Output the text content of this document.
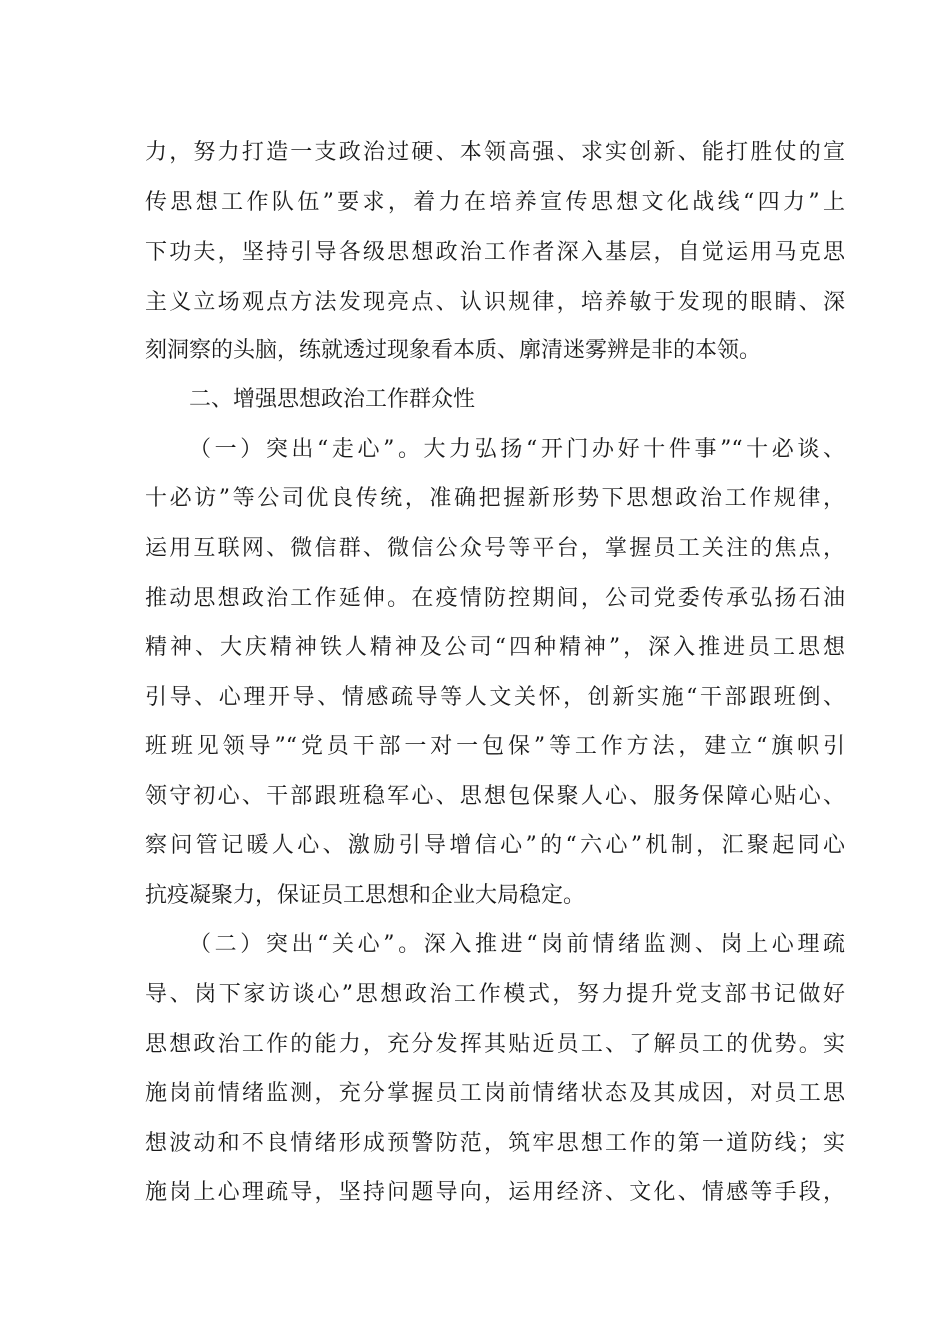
力，努力打造一支政治过硬、本领高强、求实创新、能打胜仗的宣
传思想工作队伍”要求，着力在培养宣传思想文化战线“四力”上
下功夫，坚持引导各级思想政治工作者深入基层，自觉运用马克思
主义立场观点方法发现亮点、认识规律，培养敏于发现的眼睛、深
刻洞察的头脑，练就透过现象看本质、廓清迷雾辨是非的本领。
二、增强思想政治工作群众性
（一）突出“走心”。大力弘扬“开门办好十件事”“十必谈、
十必访”等公司优良传统，准确把握新形势下思想政治工作规律，
运用互联网、微信群、微信公众号等平台，掌握员工关注的焦点，
推动思想政治工作延伸。在疫情防控期间，公司党委传承弘扬石油
精神、大庆精神铁人精神及公司“四种精神”，深入推进员工思想
引导、心理开导、情感疏导等人文关怀，创新实施“干部跟班倒、
班班见领导”“党员干部一对一包保”等工作方法，建立“旗帜引
领守初心、干部跟班稳军心、思想包保聚人心、服务保障心贴心、
察问管记暖人心、激励引导增信心”的“六心”机制，汇聚起同心
抗疫凝聚力，保证员工思想和企业大局稳定。
（二）突出“关心”。深入推进“岗前情绪监测、岗上心理疏
导、岗下家访谈心”思想政治工作模式，努力提升党支部书记做好
思想政治工作的能力，充分发挥其贴近员工、了解员工的优势。实
施岗前情绪监测，充分掌握员工岗前情绪状态及其成因，对员工思
想波动和不良情绪形成预警防范，筑牢思想工作的第一道防线；实
施岗上心理疏导，坚持问题导向，运用经济、文化、情感等手段，
